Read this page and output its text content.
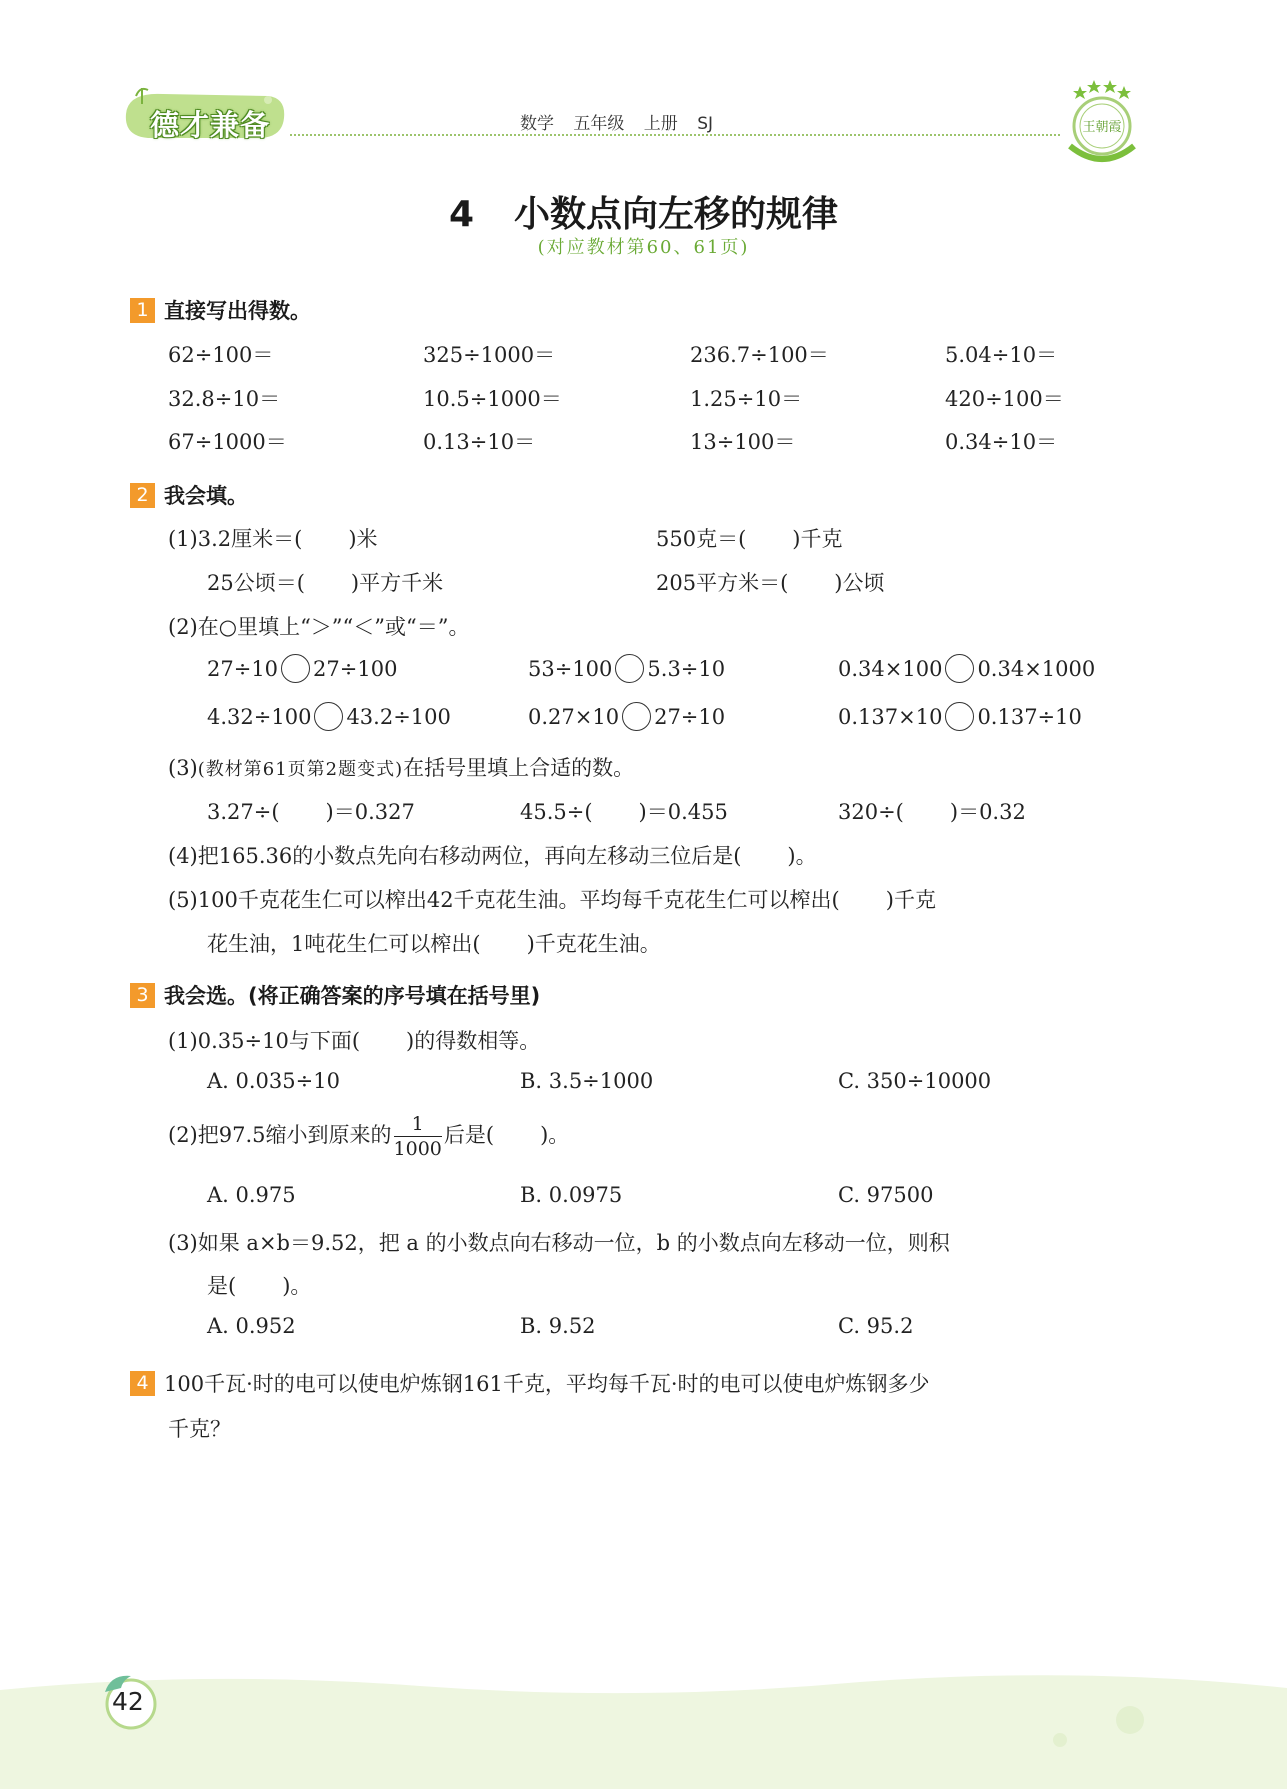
德才兼备	数学 五年级 上册 SJ	王朝霞
4 小数点向左移的规律
(对应教材第60、61页)
1 直接写出得数。
62÷100＝	325÷1000＝	236.7÷100＝	5.04÷10＝
32.8÷10＝	10.5÷1000＝	1.25÷10＝	420÷100＝
67÷1000＝	0.13÷10＝	13÷100＝	0.34÷10＝
2 我会填。
(1)3.2厘米＝( )米	550克＝( )千克
25公顷＝( )平方千米	205平方米＝( )公顷
(2)在○里填上“＞”“＜”或“＝”。
27÷10 27÷100	53÷100 5.3÷10	0.34×100 0.34×1000
4.32÷100 43.2÷100	0.27×10 27÷10	0.137×10 0.137÷10
(3)(教材第61页第2题变式)在括号里填上合适的数。
3.27÷( )＝0.327	45.5÷( )＝0.455	320÷( )＝0.32
(4)把165.36的小数点先向右移动两位，再向左移动三位后是( )。
(5)100千克花生仁可以榨出42千克花生油。平均每千克花生仁可以榨出( )千克
花生油，1吨花生仁可以榨出( )千克花生油。
3 我会选。(将正确答案的序号填在括号里)
(1)0.35÷10与下面( )的得数相等。
A. 0.035÷10	B. 3.5÷1000	C. 350÷10000
(2)把97.5缩小到原来的 $\frac{1}{1000}$ 后是( )。
A. 0.975	B. 0.0975	C. 97500
(3)如果 a×b＝9.52，把 a 的小数点向右移动一位，b 的小数点向左移动一位，则积
是( )。
A. 0.952	B. 9.52	C. 95.2
4 100千瓦·时的电可以使电炉炼钢161千克，平均每千瓦·时的电可以使电炉炼钢多少
千克？
42
